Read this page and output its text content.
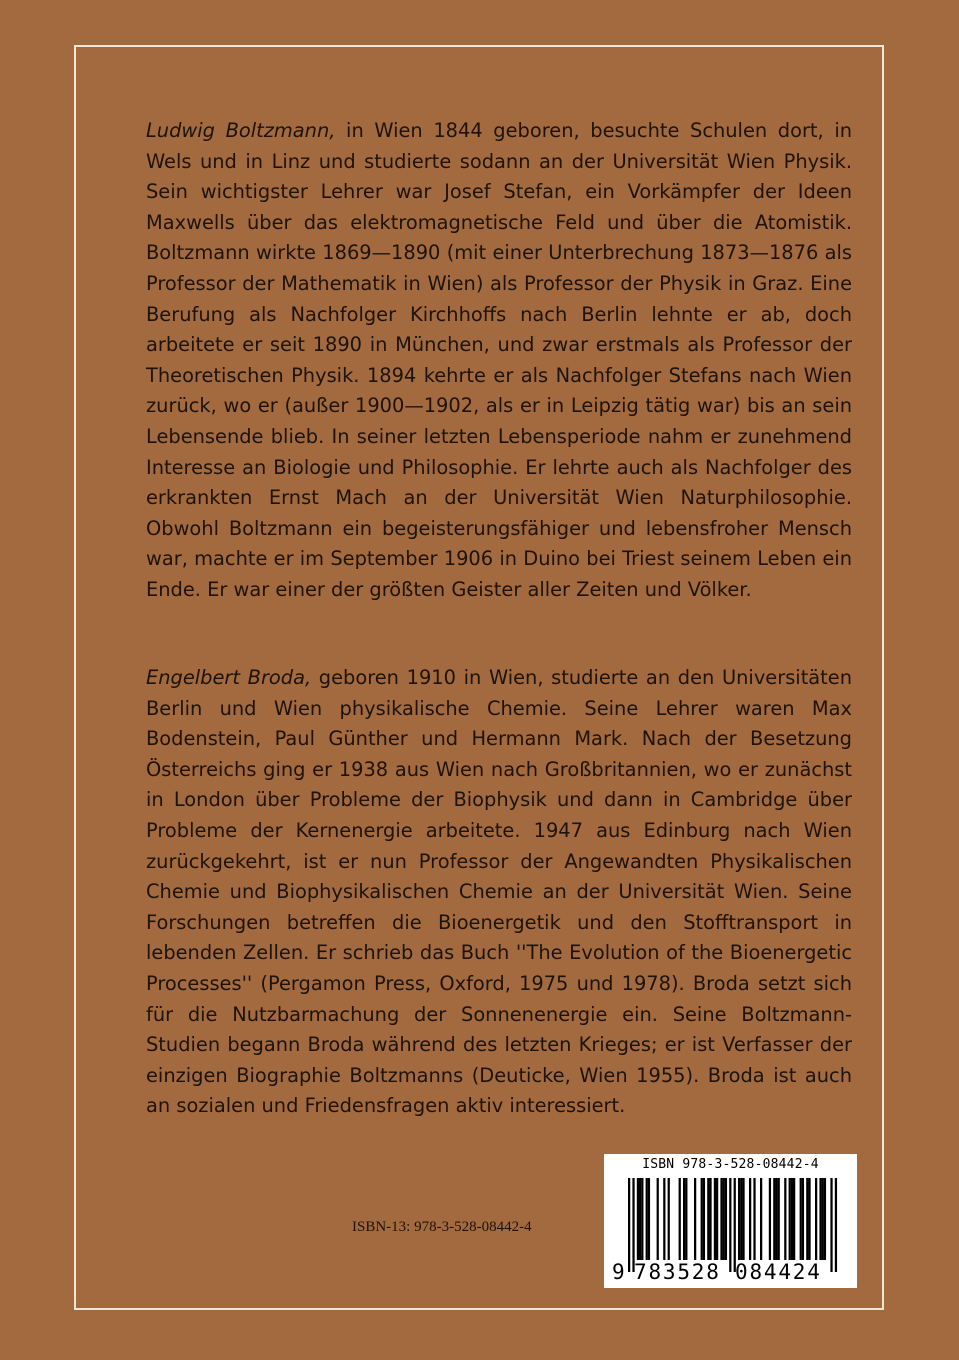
Ludwig Boltzmann, in Wien 1844 geboren, besuchte Schulen dort, in Wels und in Linz und studierte sodann an der Universität Wien Physik. Sein wichtigster Lehrer war Josef Stefan, ein Vorkämpfer der Ideen Maxwells über das elektromagnetische Feld und über die Atomistik. Boltzmann wirkte 1869—1890 (mit einer Unterbrechung 1873—1876 als Professor der Mathematik in Wien) als Professor der Physik in Graz. Eine Berufung als Nachfolger Kirchhoffs nach Berlin lehnte er ab, doch arbeitete er seit 1890 in München, und zwar erstmals als Professor der Theoretischen Physik. 1894 kehrte er als Nachfolger Stefans nach Wien zurück, wo er (außer 1900—1902, als er in Leipzig tätig war) bis an sein Lebensende blieb. In seiner letzten Lebensperiode nahm er zunehmend Interesse an Biologie und Philosophie. Er lehrte auch als Nachfolger des erkrankten Ernst Mach an der Universität Wien Naturphilosophie. Obwohl Boltzmann ein begeisterungsfähiger und lebensfroher Mensch war, machte er im September 1906 in Duino bei Triest seinem Leben ein Ende. Er war einer der größten Geister aller Zeiten und Völker.

Engelbert Broda, geboren 1910 in Wien, studierte an den Universitäten Berlin und Wien physikalische Chemie. Seine Lehrer waren Max Bodenstein, Paul Günther und Hermann Mark. Nach der Besetzung Österreichs ging er 1938 aus Wien nach Großbritannien, wo er zunächst in London über Probleme der Biophysik und dann in Cambridge über Probleme der Kernenergie arbeitete. 1947 aus Edinburg nach Wien zurückgekehrt, ist er nun Professor der Angewandten Physikalischen Chemie und Biophysikalischen Chemie an der Universität Wien. Seine Forschungen betreffen die Bioenergetik und den Stofftransport in lebenden Zellen. Er schrieb das Buch ''The Evolution of the Bioenergetic Processes'' (Pergamon Press, Oxford, 1975 und 1978). Broda setzt sich für die Nutzbarmachung der Sonnenenergie ein. Seine Boltzmann-Studien begann Broda während des letzten Krieges; er ist Verfasser der einzigen Biographie Boltzmanns (Deuticke, Wien 1955). Broda ist auch an sozialen und Friedensfragen aktiv interessiert.

ISBN-13: 978-3-528-08442-4
ISBN 978-3-528-08442-4
9 783528 084424
